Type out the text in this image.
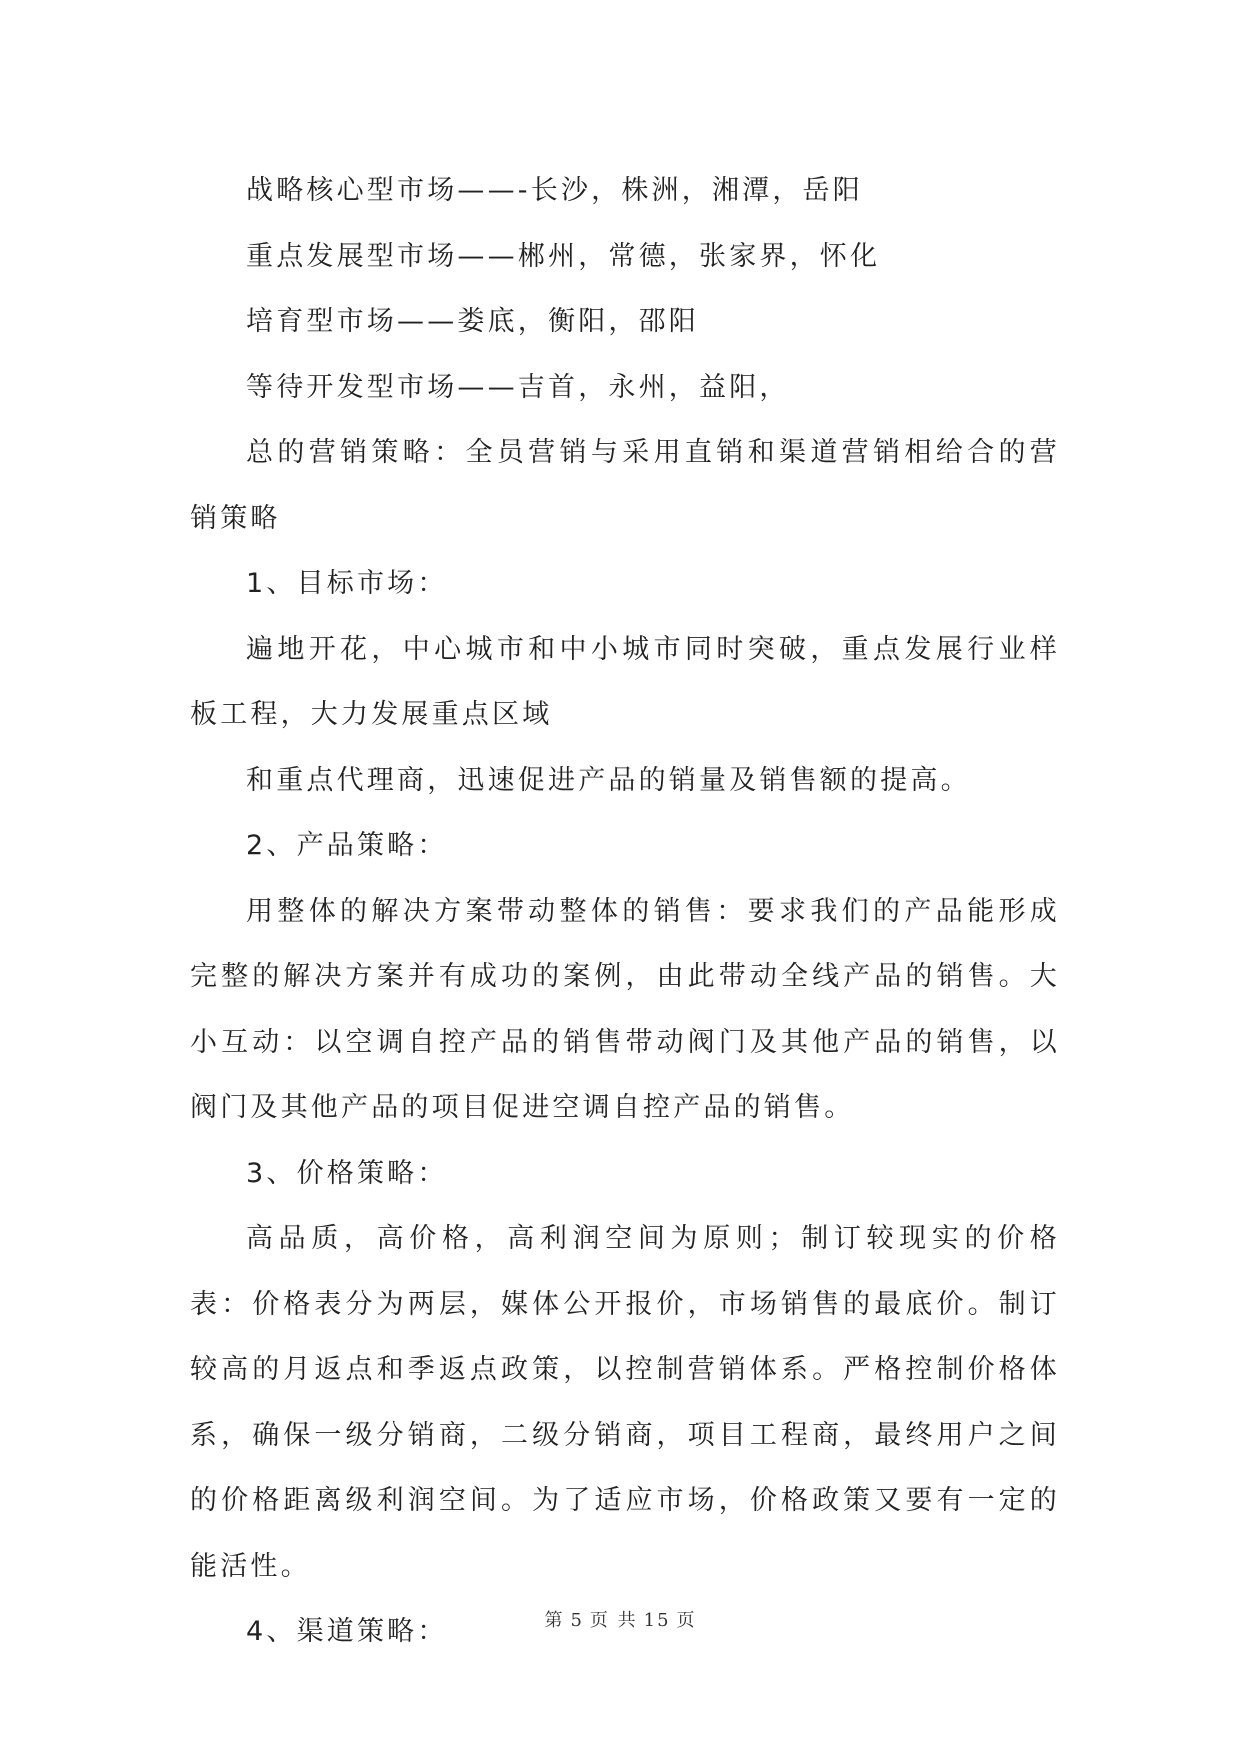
战略核心型市场——-长沙，株洲，湘潭，岳阳

重点发展型市场——郴州，常德，张家界，怀化

培育型市场——娄底，衡阳，邵阳

等待开发型市场——吉首，永州，益阳，

总的营销策略：全员营销与采用直销和渠道营销相给合的营销策略

1、目标市场：

遍地开花，中心城市和中小城市同时突破，重点发展行业样板工程，大力发展重点区域

和重点代理商，迅速促进产品的销量及销售额的提高。

2、产品策略：

用整体的解决方案带动整体的销售：要求我们的产品能形成完整的解决方案并有成功的案例，由此带动全线产品的销售。大小互动：以空调自控产品的销售带动阀门及其他产品的销售，以阀门及其他产品的项目促进空调自控产品的销售。

3、价格策略：

高品质，高价格，高利润空间为原则；制订较现实的价格表：价格表分为两层，媒体公开报价，市场销售的最底价。制订较高的月返点和季返点政策，以控制营销体系。严格控制价格体系，确保一级分销商，二级分销商，项目工程商，最终用户之间的价格距离级利润空间。为了适应市场，价格政策又要有一定的能活性。

4、渠道策略：	第 5 页 共 15 页
